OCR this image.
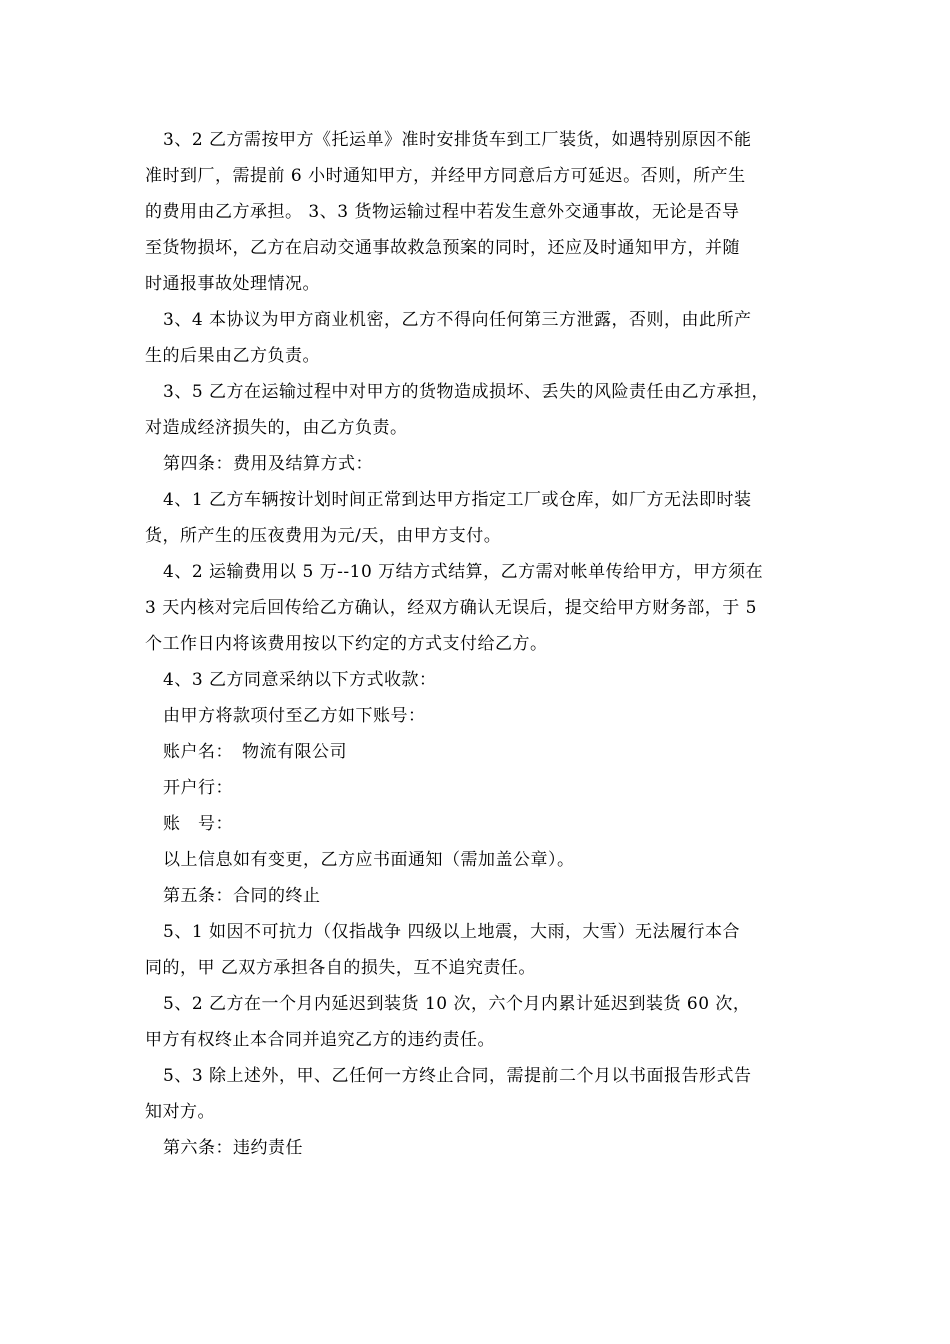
3、2 乙方需按甲方《托运单》准时安排货车到工厂装货，如遇特别原因不能
准时到厂，需提前 6 小时通知甲方，并经甲方同意后方可延迟。否则，所产生
的费用由乙方承担。 3、3 货物运输过程中若发生意外交通事故，无论是否导
至货物损坏，乙方在启动交通事故救急预案的同时，还应及时通知甲方，并随
时通报事故处理情况。
3、4 本协议为甲方商业机密，乙方不得向任何第三方泄露，否则，由此所产
生的后果由乙方负责。
3、5 乙方在运输过程中对甲方的货物造成损坏、丢失的风险责任由乙方承担，
对造成经济损失的，由乙方负责。
第四条：费用及结算方式：
4、1 乙方车辆按计划时间正常到达甲方指定工厂或仓库，如厂方无法即时装
货，所产生的压夜费用为元/天，由甲方支付。
4、2 运输费用以 5 万--10 万结方式结算，乙方需对帐单传给甲方，甲方须在
3 天内核对完后回传给乙方确认，经双方确认无误后，提交给甲方财务部，于 5
个工作日内将该费用按以下约定的方式支付给乙方。
4、3 乙方同意采纳以下方式收款：
由甲方将款项付至乙方如下账号：
账户名：　物流有限公司
开户行：
账　号：
以上信息如有变更，乙方应书面通知（需加盖公章）。
第五条：合同的终止
5、1 如因不可抗力（仅指战争 四级以上地震，大雨，大雪）无法履行本合
同的，甲 乙双方承担各自的损失，互不追究责任。
5、2 乙方在一个月内延迟到装货 10 次，六个月内累计延迟到装货 60 次，
甲方有权终止本合同并追究乙方的违约责任。
5、3 除上述外，甲、乙任何一方终止合同，需提前二个月以书面报告形式告
知对方。
第六条：违约责任
